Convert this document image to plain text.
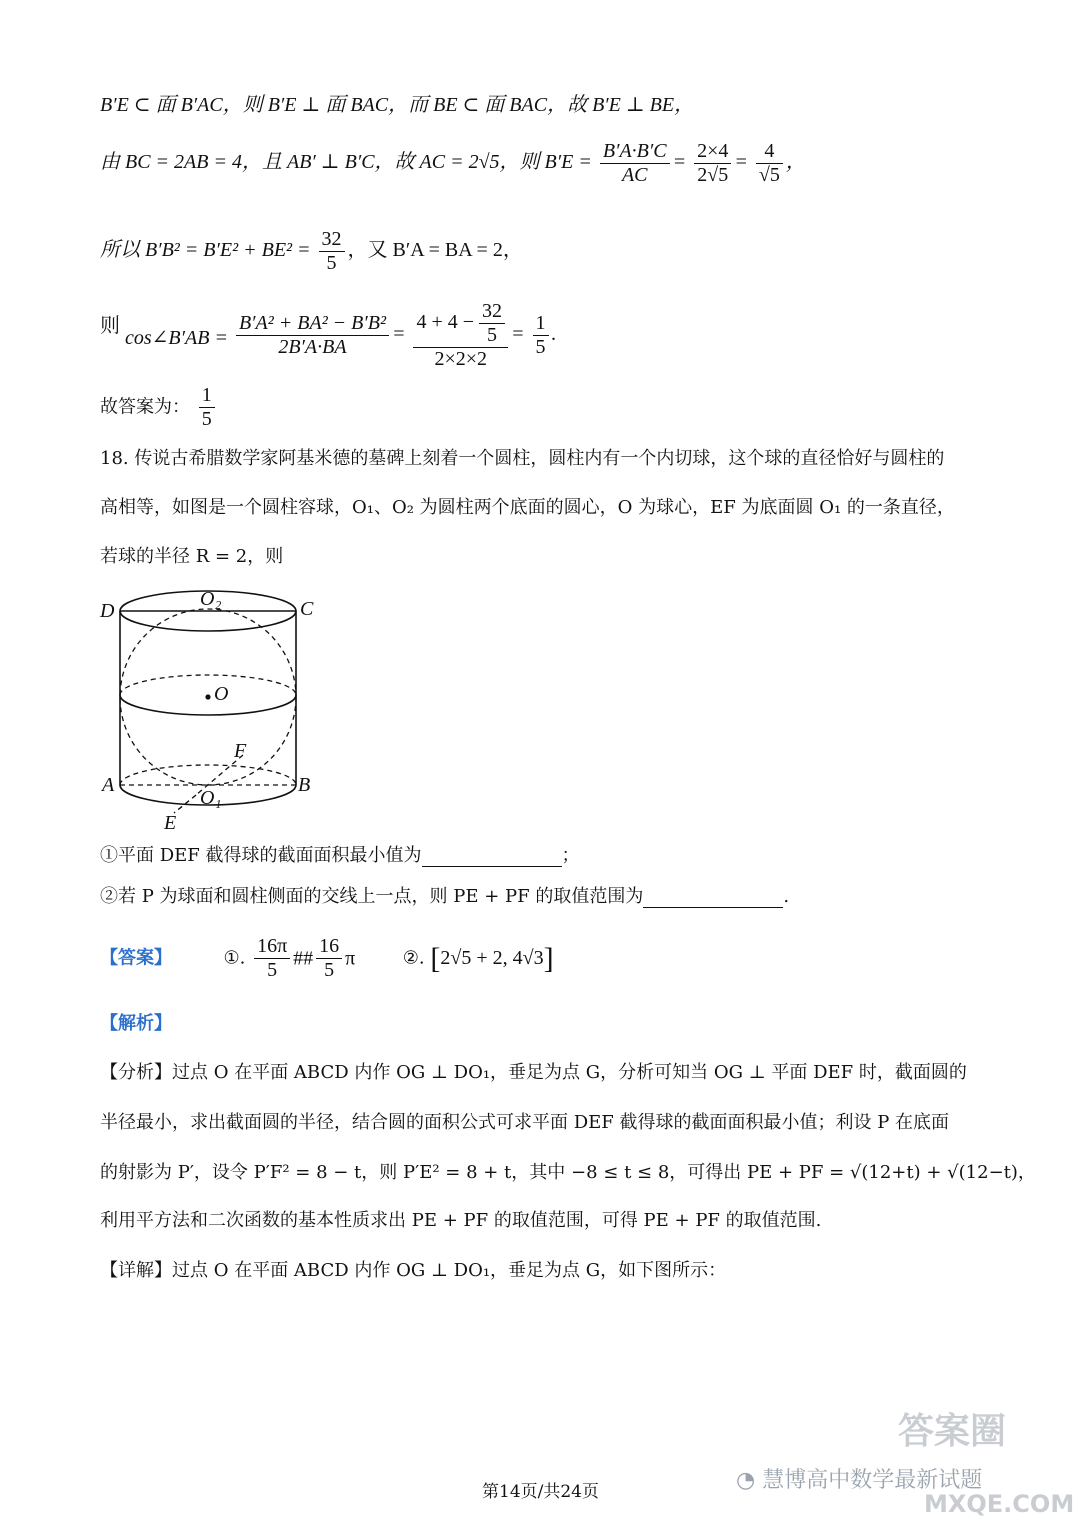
B′E ⊂ 面 B′AC，则 B′E ⊥ 面 BAC，而 BE ⊂ 面 BAC，故 B′E ⊥ BE，
由 BC = 2AB = 4，且 AB′ ⊥ B′C，故 AC = 2√5，则 $B'E = \frac{B'A\cdot B'C}{AC} = \frac{2\times 4}{2√5} = \frac{4}{√5}$ ，
所以 $B'B^2 = B'E^2 + BE^2 = \frac{32}{5}$ ，又 B′A = BA = 2，
则 cos∠B′AB = $\frac{\text{B′A² + BA² − B′B²}}{2B'A\cdot BA} = \frac{4 + 4 - \frac{32}{5}}{2\times 2\times 2} = \frac{1}{5}$ .
故答案为： $\frac{1}{5}$
18. 传说古希腊数学家阿基米德的墓碑上刻着一个圆柱，圆柱内有一个内切球，这个球的直径恰好与圆柱的
高相等，如图是一个圆柱容球，O₁、O₂ 为圆柱两个底面的圆心，O 为球心，EF 为底面圆 O₁ 的一条直径，
若球的半径 R = 2，则
D	C
O₂
O
F
A	B
O₁
E
①平面 DEF 截得球的截面面积最小值为	；
②若 P 为球面和圆柱侧面的交线上一点，则 PE + PF 的取值范围为	.
【答案】	①. $\frac{16\pi}{5}$ ## $\frac{16}{5}$ π	②. [2√5 + 2, 4√3]
【解析】
【分析】过点 O 在平面 ABCD 内作 OG ⊥ DO₁，垂足为点 G，分析可知当 OG ⊥ 平面 DEF 时，截面圆的
半径最小，求出截面圆的半径，结合圆的面积公式可求平面 DEF 截得球的截面面积最小值；利设 P 在底面
的射影为 P′，设令 P′F² = 8 − t，则 P′E² = 8 + t，其中 −8 ≤ t ≤ 8，可得出 PE + PF = √(12+t) + √(12−t)，
利用平方法和二次函数的基本性质求出 PE + PF 的取值范围，可得 PE + PF 的取值范围.
【详解】过点 O 在平面 ABCD 内作 OG ⊥ DO₁，垂足为点 G，如下图所示：
第14页/共24页	◔ 慧博高中数学最新试题
答案圈
MXQE.COM
